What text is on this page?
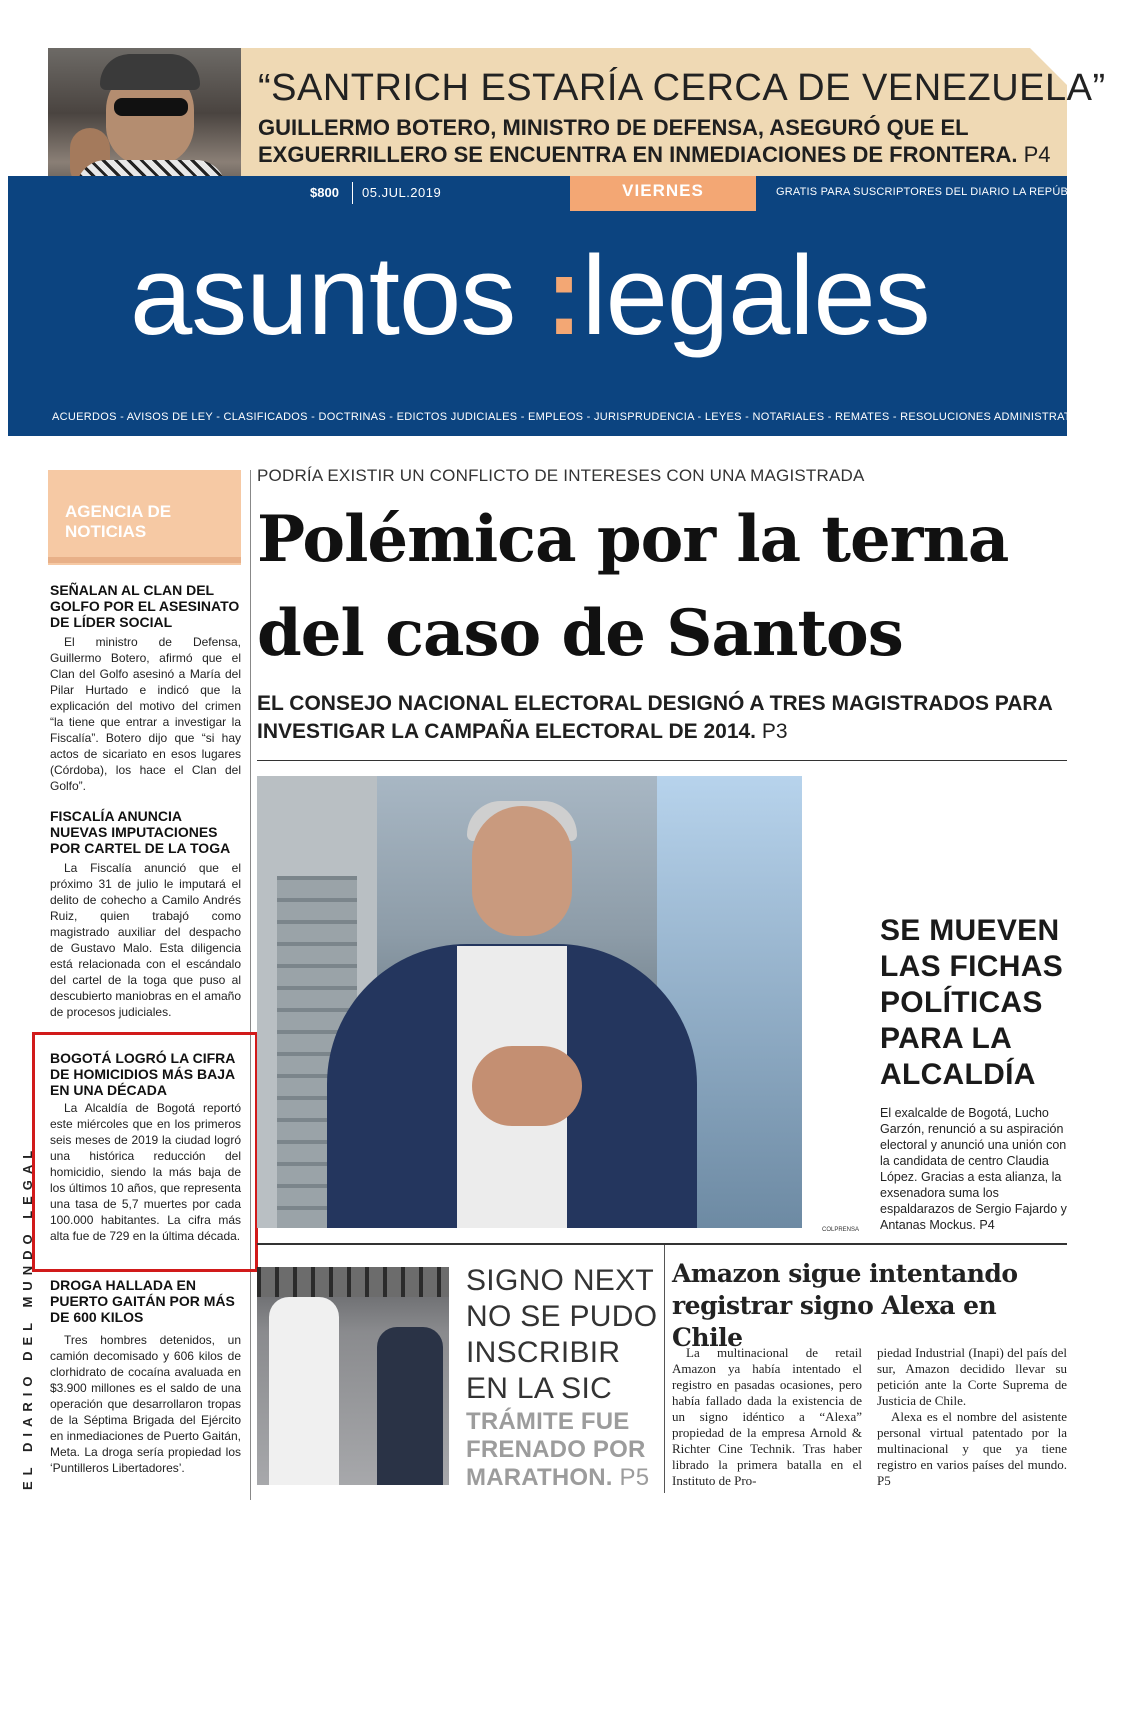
“SANTRICH ESTARÍA CERCA DE VENEZUELA”
GUILLERMO BOTERO, MINISTRO DE DEFENSA, ASEGURÓ QUE EL EXGUERRILLERO SE ENCUENTRA EN INMEDIACIONES DE FRONTERA. P4
$800 05.JUL.2019	VIERNES	GRATIS PARA SUSCRIPTORES DEL DIARIO LA REPÚBLICA
asuntos :legales
ACUERDOS - AVISOS DE LEY - CLASIFICADOS - DOCTRINAS - EDICTOS JUDICIALES - EMPLEOS - JURISPRUDENCIA - LEYES - NOTARIALES - REMATES - RESOLUCIONES ADMINISTRATIVAS
AGENCIA DE NOTICIAS
SEÑALAN AL CLAN DEL GOLFO POR EL ASESINATO DE LÍDER SOCIAL

El ministro de Defensa, Guillermo Botero, afirmó que el Clan del Golfo asesinó a María del Pilar Hurtado e indicó que la explicación del motivo del crimen “la tiene que entrar a investigar la Fiscalía”. Botero dijo que “si hay actos de sicariato en esos lugares (Córdoba), los hace el Clan del Golfo”.

FISCALÍA ANUNCIA NUEVAS IMPUTACIONES POR CARTEL DE LA TOGA

La Fiscalía anunció que el próximo 31 de julio le imputará el delito de cohecho a Camilo Andrés Ruiz, quien trabajó como magistrado auxiliar del despacho de Gustavo Malo. Esta diligencia está relacionada con el escándalo del cartel de la toga que puso al descubierto maniobras en el amaño de procesos judiciales.

BOGOTÁ LOGRÓ LA CIFRA DE HOMICIDIOS MÁS BAJA EN UNA DÉCADA

La Alcaldía de Bogotá reportó este miércoles que en los primeros seis meses de 2019 la ciudad logró una histórica reducción del homicidio, siendo la más baja de los últimos 10 años, que representa una tasa de 5,7 muertes por cada 100.000 habitantes. La cifra más alta fue de 729 en la última década.

DROGA HALLADA EN PUERTO GAITÁN POR MÁS DE 600 KILOS

Tres hombres detenidos, un camión decomisado y 606 kilos de clorhidrato de cocaína avaluada en $3.900 millones es el saldo de una operación que desarrollaron tropas de la Séptima Brigada del Ejército en inmediaciones de Puerto Gaitán, Meta. La droga sería propiedad los ‘Puntilleros Libertadores’.

EL DIARIO DEL MUNDO LEGAL
PODRÍA EXISTIR UN CONFLICTO DE INTERESES CON UNA MAGISTRADA
Polémica por la terna del caso de Santos
EL CONSEJO NACIONAL ELECTORAL DESIGNÓ A TRES MAGISTRADOS PARA INVESTIGAR LA CAMPAÑA ELECTORAL DE 2014. P3
COLPRENSA
SE MUEVEN LAS FICHAS POLÍTICAS PARA LA ALCALDÍA
El exalcalde de Bogotá, Lucho Garzón, renunció a su aspiración electoral y anunció una unión con la candidata de centro Claudia López. Gracias a esta alianza, la exsenadora suma los espaldarazos de Sergio Fajardo y Antanas Mockus. P4
SIGNO NEXT NO SE PUDO INSCRIBIR EN LA SIC
TRÁMITE FUE FRENADO POR MARATHON. P5
Amazon sigue intentando registrar signo Alexa en Chile

La multinacional de retail Amazon ya había intentado el registro en pasadas ocasiones, pero había fallado dada la existencia de un signo idéntico a “Alexa” propiedad de la empresa Arnold & Richter Cine Technik. Tras haber librado la primera batalla en el Instituto de Pro-

piedad Industrial (Inapi) del país del sur, Amazon decidido llevar su petición ante la Corte Suprema de Justicia de Chile.

Alexa es el nombre del asistente personal virtual patentado por la multinacional y que ya tiene registro en varios países del mundo. P5
